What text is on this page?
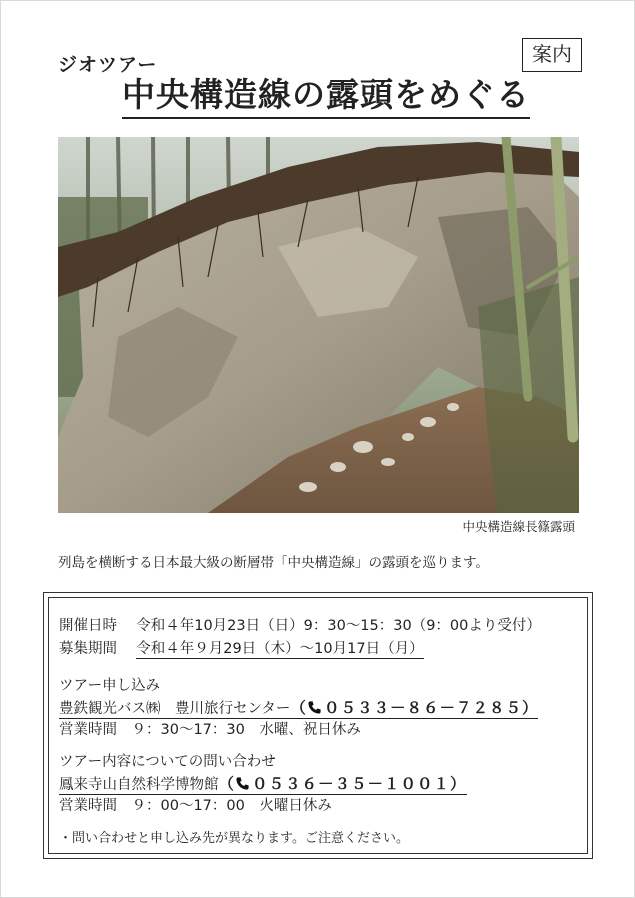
案内
ジオツアー
中央構造線の露頭をめぐる
中央構造線長篠露頭
列島を横断する日本最大級の断層帯「中央構造線」の露頭を巡ります。
開催日時 令和４年10月23日（日）9：30～15：30（9：00より受付）
募集期間 令和４年９月29日（木）～10月17日（月）
ツアー申し込み
豊鉄観光バス㈱　豊川旅行センター（ ０５３３－８６－７２８５）
営業時間　９：30～17：30　水曜、祝日休み
ツアー内容についての問い合わせ
鳳来寺山自然科学博物館（ ０５３６－３５－１００１）
営業時間　９：00～17：00　火曜日休み
・問い合わせと申し込み先が異なります。ご注意ください。
